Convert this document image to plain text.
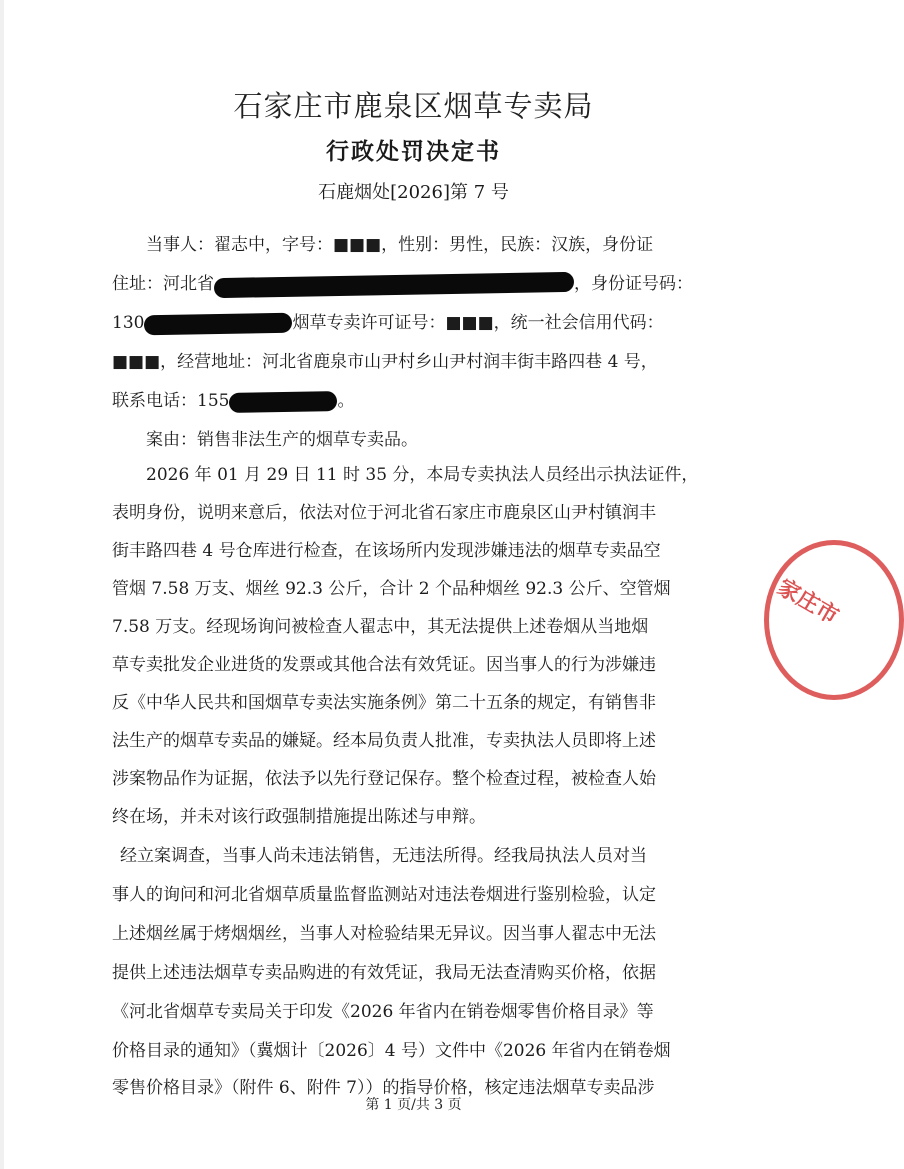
石家庄市鹿泉区烟草专卖局
行政处罚决定书
石鹿烟处[2026]第 7 号
当事人：翟志中，字号：■■■，性别：男性，民族：汉族，身份证
住址：河北省	，身份证号码：
130	烟草专卖许可证号：■■■，统一社会信用代码：
■■■，经营地址：河北省鹿泉市山尹村乡山尹村润丰街丰路四巷 4 号，
联系电话：155	。
案由：销售非法生产的烟草专卖品。
2026 年 01 月 29 日 11 时 35 分，本局专卖执法人员经出示执法证件，
表明身份，说明来意后，依法对位于河北省石家庄市鹿泉区山尹村镇润丰
街丰路四巷 4 号仓库进行检查，在该场所内发现涉嫌违法的烟草专卖品空
管烟 7.58 万支、烟丝 92.3 公斤，合计 2 个品种烟丝 92.3 公斤、空管烟
7.58 万支。经现场询问被检查人翟志中，其无法提供上述卷烟从当地烟
草专卖批发企业进货的发票或其他合法有效凭证。因当事人的行为涉嫌违
反《中华人民共和国烟草专卖法实施条例》第二十五条的规定，有销售非
法生产的烟草专卖品的嫌疑。经本局负责人批准，专卖执法人员即将上述
涉案物品作为证据，依法予以先行登记保存。整个检查过程，被检查人始
终在场，并未对该行政强制措施提出陈述与申辩。
经立案调查，当事人尚未违法销售，无违法所得。经我局执法人员对当
事人的询问和河北省烟草质量监督监测站对违法卷烟进行鉴别检验，认定
上述烟丝属于烤烟烟丝，当事人对检验结果无异议。因当事人翟志中无法
提供上述违法烟草专卖品购进的有效凭证，我局无法查清购买价格，依据
《河北省烟草专卖局关于印发《2026 年省内在销卷烟零售价格目录》等
价格目录的通知》（冀烟计〔2026〕4 号）文件中《2026 年省内在销卷烟
零售价格目录》（附件 6、附件 7））的指导价格，核定违法烟草专卖品涉
第 1 页/共 3 页
家庄市
